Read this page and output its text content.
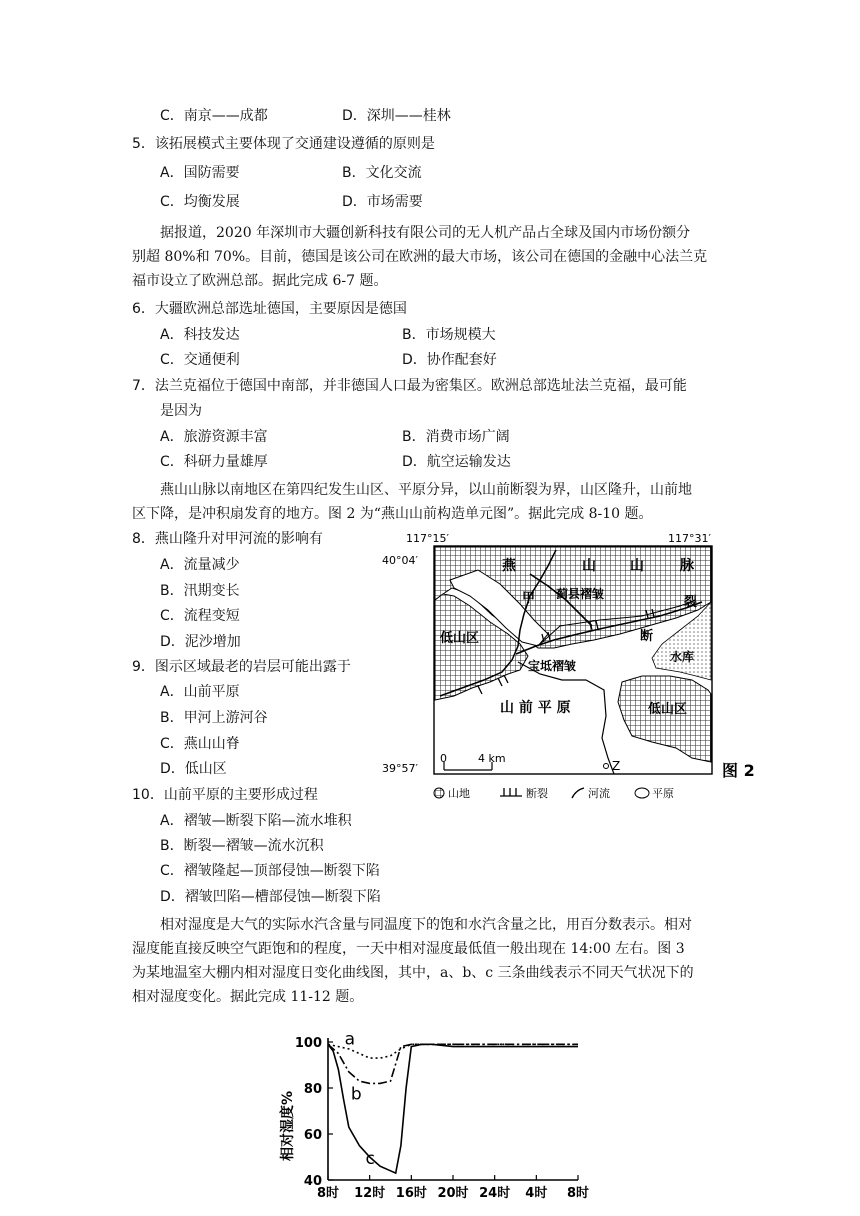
C．南京——成都	D．深圳——桂林
5．该拓展模式主要体现了交通建设遵循的原则是
A．国防需要	B．文化交流
C．均衡发展	D．市场需要
据报道，2020 年深圳市大疆创新科技有限公司的无人机产品占全球及国内市场份额分
别超 80%和 70%。目前，德国是该公司在欧洲的最大市场，该公司在德国的金融中心法兰克
福市设立了欧洲总部。据此完成 6-7 题。
6．大疆欧洲总部选址德国，主要原因是德国
A．科技发达	B．市场规模大
C．交通便利	D．协作配套好
7．法兰克福位于德国中南部，并非德国人口最为密集区。欧洲总部选址法兰克福，最可能
是因为
A．旅游资源丰富	B．消费市场广阔
C．科研力量雄厚	D．航空运输发达
燕山山脉以南地区在第四纪发生山区、平原分异，以山前断裂为界，山区隆升，山前地
区下降，是冲积扇发育的地方。图 2 为“燕山山前构造单元图”。据此完成 8-10 题。
8．燕山隆升对甲河流的影响有
A．流量减少
B．汛期变长
C．流程变短
D．泥沙增加
9．图示区域最老的岩层可能出露于
A．山前平原
B．甲河上游河谷
C．燕山山脊
D．低山区
10．山前平原的主要形成过程
A．褶皱—断裂下陷—流水堆积
B．断裂—褶皱—流水沉积
C．褶皱隆起—顶部侵蚀—断裂下陷
D．褶皱凹陷—槽部侵蚀—断裂下陷
相对湿度是大气的实际水汽含量与同温度下的饱和水汽含量之比，用百分数表示。相对
湿度能直接反映空气距饱和的程度，一天中相对湿度最低值一般出现在 14:00 左右。图 3
为某地温室大棚内相对湿度日变化曲线图，其中，a、b、c 三条曲线表示不同天气状况下的
相对湿度变化。据此完成 11-12 题。
117°15′	117°31′
40°04′
39°57′
燕	山 山	脉
蓟县褶皱
甲	裂
断
低山区
低山区
水库
宝坻褶皱
山 前 平 原
0	4 km
Z	图 2
山地	断裂	河流	平原
相对湿度%
40
60
80
100
8时 12时 16时 20时 24时 4时 8时
a
b
c
